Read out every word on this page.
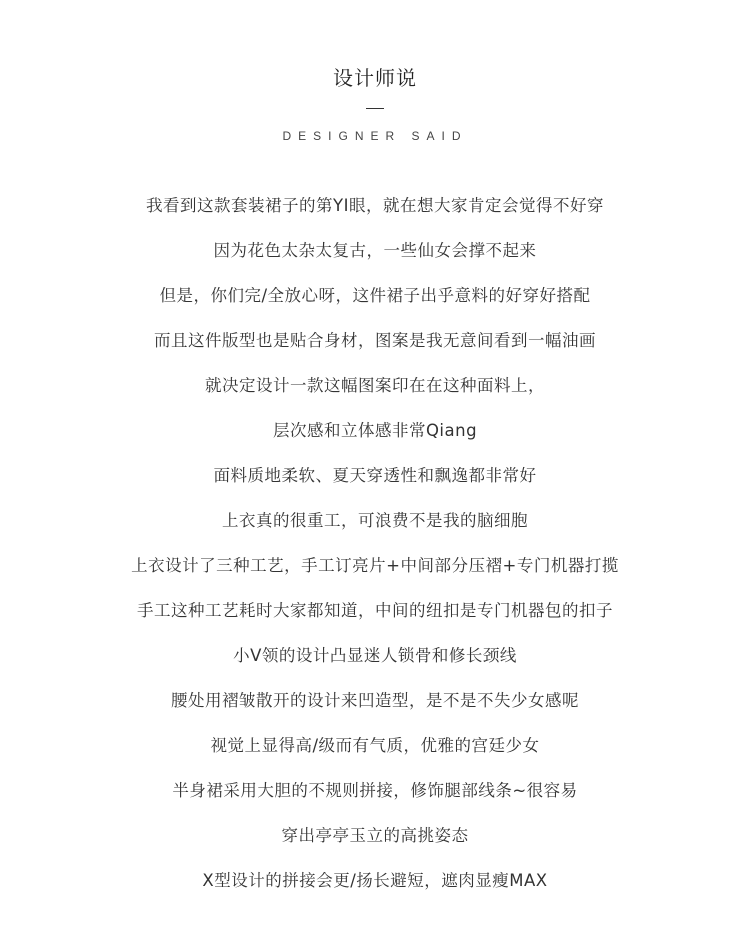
设计师说
DESIGNER SAID
我看到这款套装裙子的第YI眼，就在想大家肯定会觉得不好穿
因为花色太杂太复古，一些仙女会撑不起来
但是，你们完/全放心呀，这件裙子出乎意料的好穿好搭配
而且这件版型也是贴合身材，图案是我无意间看到一幅油画
就决定设计一款这幅图案印在在这种面料上，
层次感和立体感非常Qiang
面料质地柔软、夏天穿透性和飘逸都非常好
上衣真的很重工，可浪费不是我的脑细胞
上衣设计了三种工艺，手工订亮片+中间部分压褶+专门机器打揽
手工这种工艺耗时大家都知道，中间的纽扣是专门机器包的扣子
小V领的设计凸显迷人锁骨和修长颈线
腰处用褶皱散开的设计来凹造型，是不是不失少女感呢
视觉上显得高/级而有气质，优雅的宫廷少女
半身裙采用大胆的不规则拼接，修饰腿部线条~很容易
穿出亭亭玉立的高挑姿态
X型设计的拼接会更/扬长避短，遮肉显瘦MAX
